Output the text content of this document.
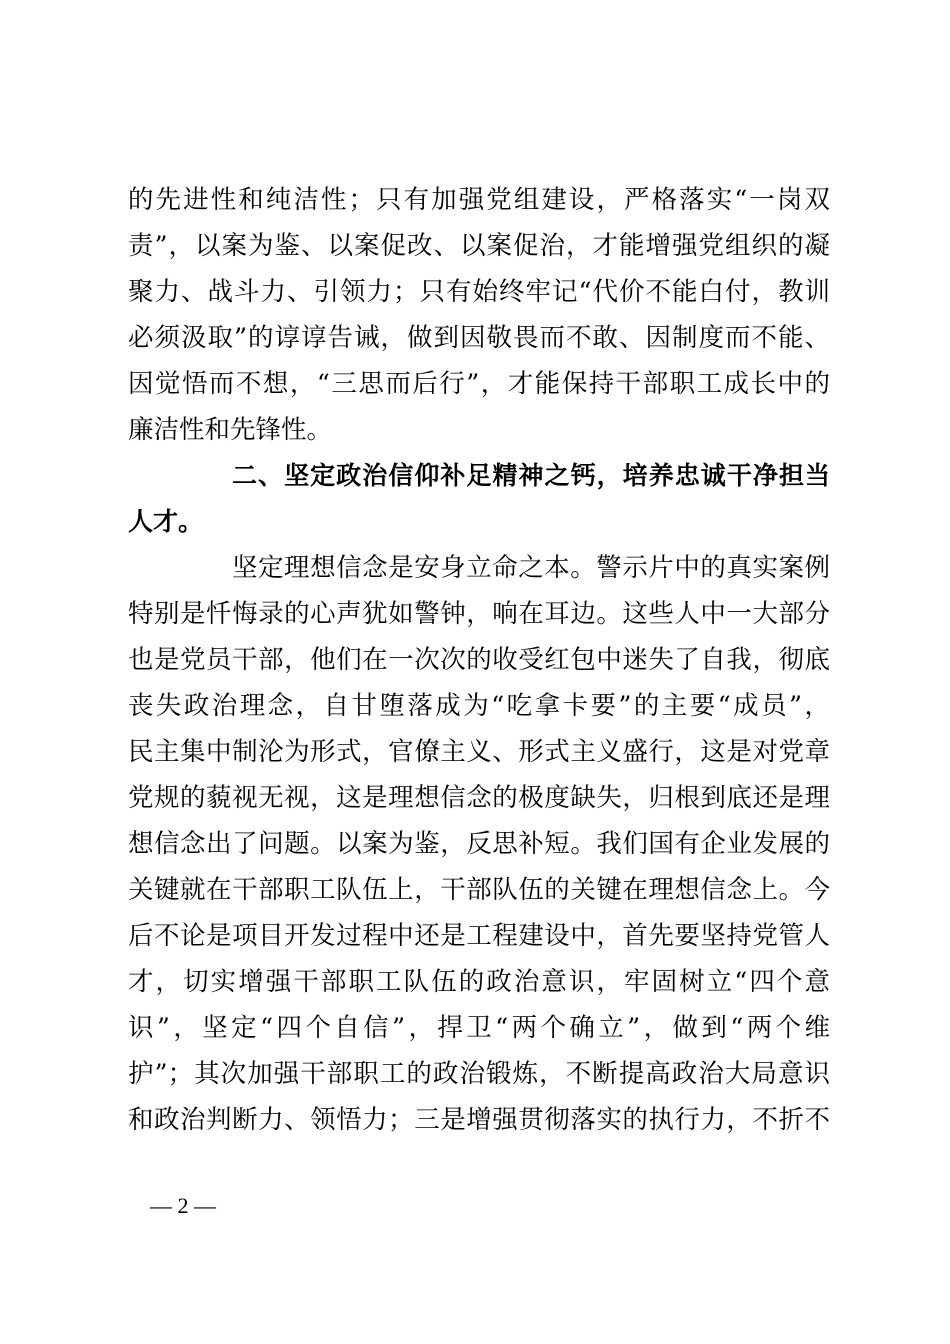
的先进性和纯洁性；只有加强党组建设，严格落实“一岗双
责”，以案为鉴、以案促改、以案促治，才能增强党组织的凝
聚力、战斗力、引领力；只有始终牢记“代价不能白付，教训
必须汲取”的谆谆告诫，做到因敬畏而不敢、因制度而不能、
因觉悟而不想，“三思而后行”，才能保持干部职工成长中的
廉洁性和先锋性。
二、坚定政治信仰补足精神之钙，培养忠诚干净担当
人才。
坚定理想信念是安身立命之本。警示片中的真实案例
特别是忏悔录的心声犹如警钟，响在耳边。这些人中一大部分
也是党员干部，他们在一次次的收受红包中迷失了自我，彻底
丧失政治理念，自甘堕落成为“吃拿卡要”的主要“成员”，
民主集中制沦为形式，官僚主义、形式主义盛行，这是对党章
党规的藐视无视，这是理想信念的极度缺失，归根到底还是理
想信念出了问题。以案为鉴，反思补短。我们国有企业发展的
关键就在干部职工队伍上，干部队伍的关键在理想信念上。今
后不论是项目开发过程中还是工程建设中，首先要坚持党管人
才，切实增强干部职工队伍的政治意识，牢固树立“四个意
识”，坚定“四个自信”，捍卫“两个确立”，做到“两个维
护”；其次加强干部职工的政治锻炼，不断提高政治大局意识
和政治判断力、领悟力；三是增强贯彻落实的执行力，不折不
— 2 —
